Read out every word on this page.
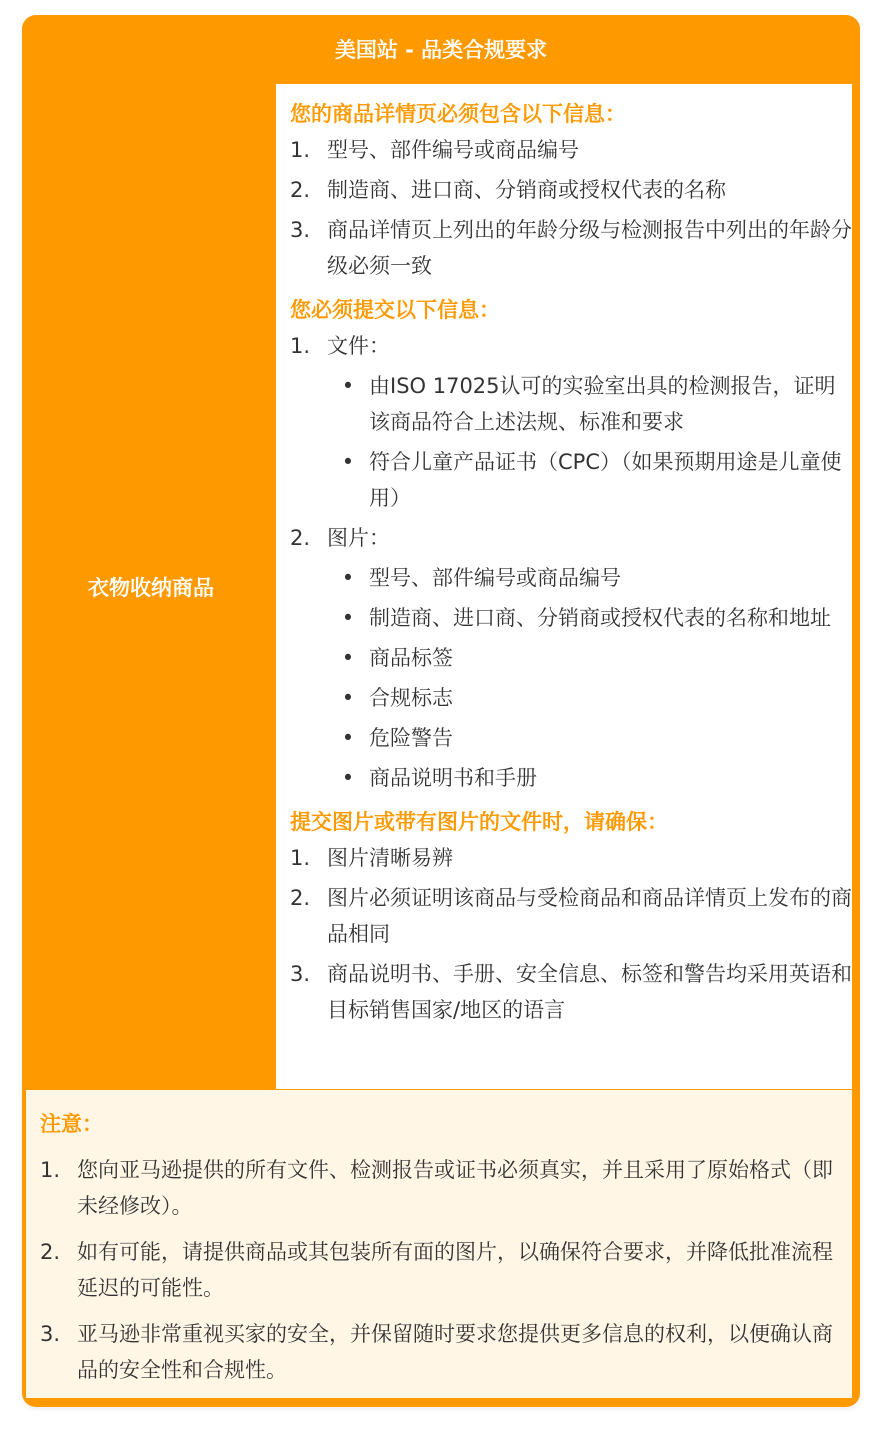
美国站 - 品类合规要求
衣物收纳商品
您的商品详情页必须包含以下信息：
1. 型号、部件编号或商品编号
2. 制造商、进口商、分销商或授权代表的名称
3. 商品详情页上列出的年龄分级与检测报告中列出的年龄分级必须一致
您必须提交以下信息：
1. 文件：
• 由ISO 17025认可的实验室出具的检测报告，证明该商品符合上述法规、标准和要求
• 符合儿童产品证书（CPC）（如果预期用途是儿童使用）
2. 图片：
• 型号、部件编号或商品编号
• 制造商、进口商、分销商或授权代表的名称和地址
• 商品标签
• 合规标志
• 危险警告
• 商品说明书和手册
提交图片或带有图片的文件时，请确保：
1. 图片清晰易辨
2. 图片必须证明该商品与受检商品和商品详情页上发布的商品相同
3. 商品说明书、手册、安全信息、标签和警告均采用英语和目标销售国家/地区的语言
注意：
1. 您向亚马逊提供的所有文件、检测报告或证书必须真实，并且采用了原始格式（即未经修改）。
2. 如有可能，请提供商品或其包装所有面的图片，以确保符合要求，并降低批准流程延迟的可能性。
3. 亚马逊非常重视买家的安全，并保留随时要求您提供更多信息的权利，以便确认商品的安全性和合规性。
